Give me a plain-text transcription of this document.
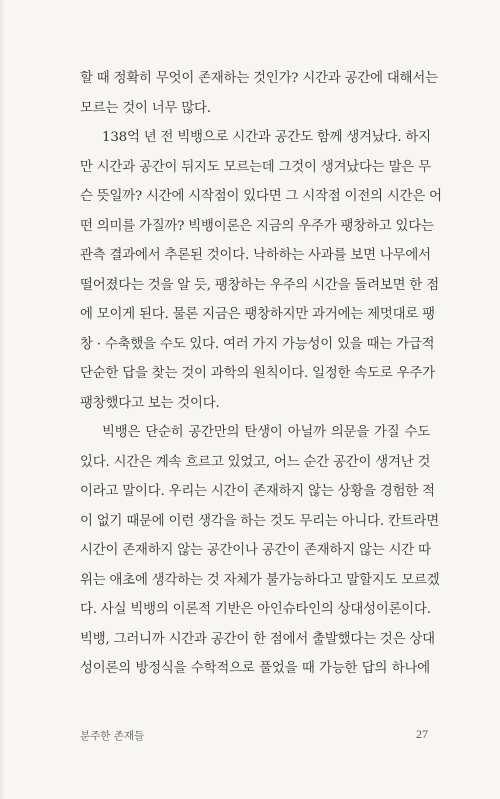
할 때 정확히 무엇이 존재하는 것인가? 시간과 공간에 대해서는
모르는 것이 너무 많다.
138억 년 전 빅뱅으로 시간과 공간도 함께 생겨났다. 하지
만 시간과 공간이 뒤지도 모르는데 그것이 생겨났다는 말은 무
슨 뜻일까? 시간에 시작점이 있다면 그 시작점 이전의 시간은 어
떤 의미를 가질까? 빅뱅이론은 지금의 우주가 팽창하고 있다는
관측 결과에서 추론된 것이다. 낙하하는 사과를 보면 나무에서
떨어졌다는 것을 알 듯, 팽창하는 우주의 시간을 돌려보면 한 점
에 모이게 된다. 물론 지금은 팽창하지만 과거에는 제멋대로 팽
창 · 수축했을 수도 있다. 여러 가지 가능성이 있을 때는 가급적
단순한 답을 찾는 것이 과학의 원칙이다. 일정한 속도로 우주가
팽창했다고 보는 것이다.
빅뱅은 단순히 공간만의 탄생이 아닐까 의문을 가질 수도
있다. 시간은 계속 흐르고 있었고, 어느 순간 공간이 생겨난 것
이라고 말이다. 우리는 시간이 존재하지 않는 상황을 경험한 적
이 없기 때문에 이런 생각을 하는 것도 무리는 아니다. 칸트라면
시간이 존재하지 않는 공간이나 공간이 존재하지 않는 시간 따
위는 애초에 생각하는 것 자체가 불가능하다고 말할지도 모르겠
다. 사실 빅뱅의 이론적 기반은 아인슈타인의 상대성이론이다.
빅뱅, 그러니까 시간과 공간이 한 점에서 출발했다는 것은 상대
성이론의 방정식을 수학적으로 풀었을 때 가능한 답의 하나에
분주한 존재들	27
